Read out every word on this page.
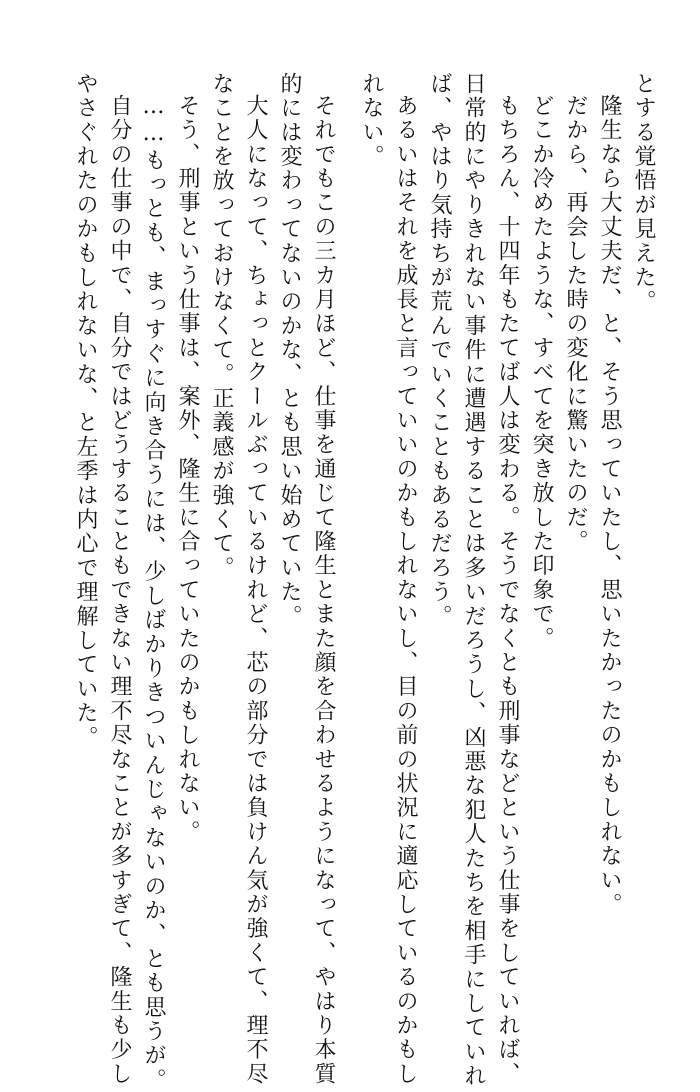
とする覚悟が見えた。
隆生なら大丈夫だ、と、そう思っていたし、思いたかったのかもしれない。
だから、再会した時の変化に驚いたのだ。
どこか冷めたような、すべてを突き放した印象で。
もちろん、十四年もたてば人は変わる。そうでなくとも刑事などという仕事をしていれば、
日常的にやりきれない事件に遭遇することは多いだろうし、凶悪な犯人たちを相手にしていれ
ば、やはり気持ちが荒んでいくこともあるだろう。
あるいはそれを成長と言っていいのかもしれないし、目の前の状況に適応しているのかもし
れない。
それでもこの三カ月ほど、仕事を通じて隆生とまた顔を合わせるようになって、やはり本質
的には変わってないのかな、とも思い始めていた。
大人になって、ちょっとクールぶっているけれど、芯の部分では負けん気が強くて、理不尽
なことを放っておけなくて。正義感が強くて。
そう、刑事という仕事は、案外、隆生に合っていたのかもしれない。
……もっとも、まっすぐに向き合うには、少しばかりきついんじゃないのか、とも思うが。
自分の仕事の中で、自分ではどうすることもできない理不尽なことが多すぎて、隆生も少し
やさぐれたのかもしれないな、と左季は内心で理解していた。
